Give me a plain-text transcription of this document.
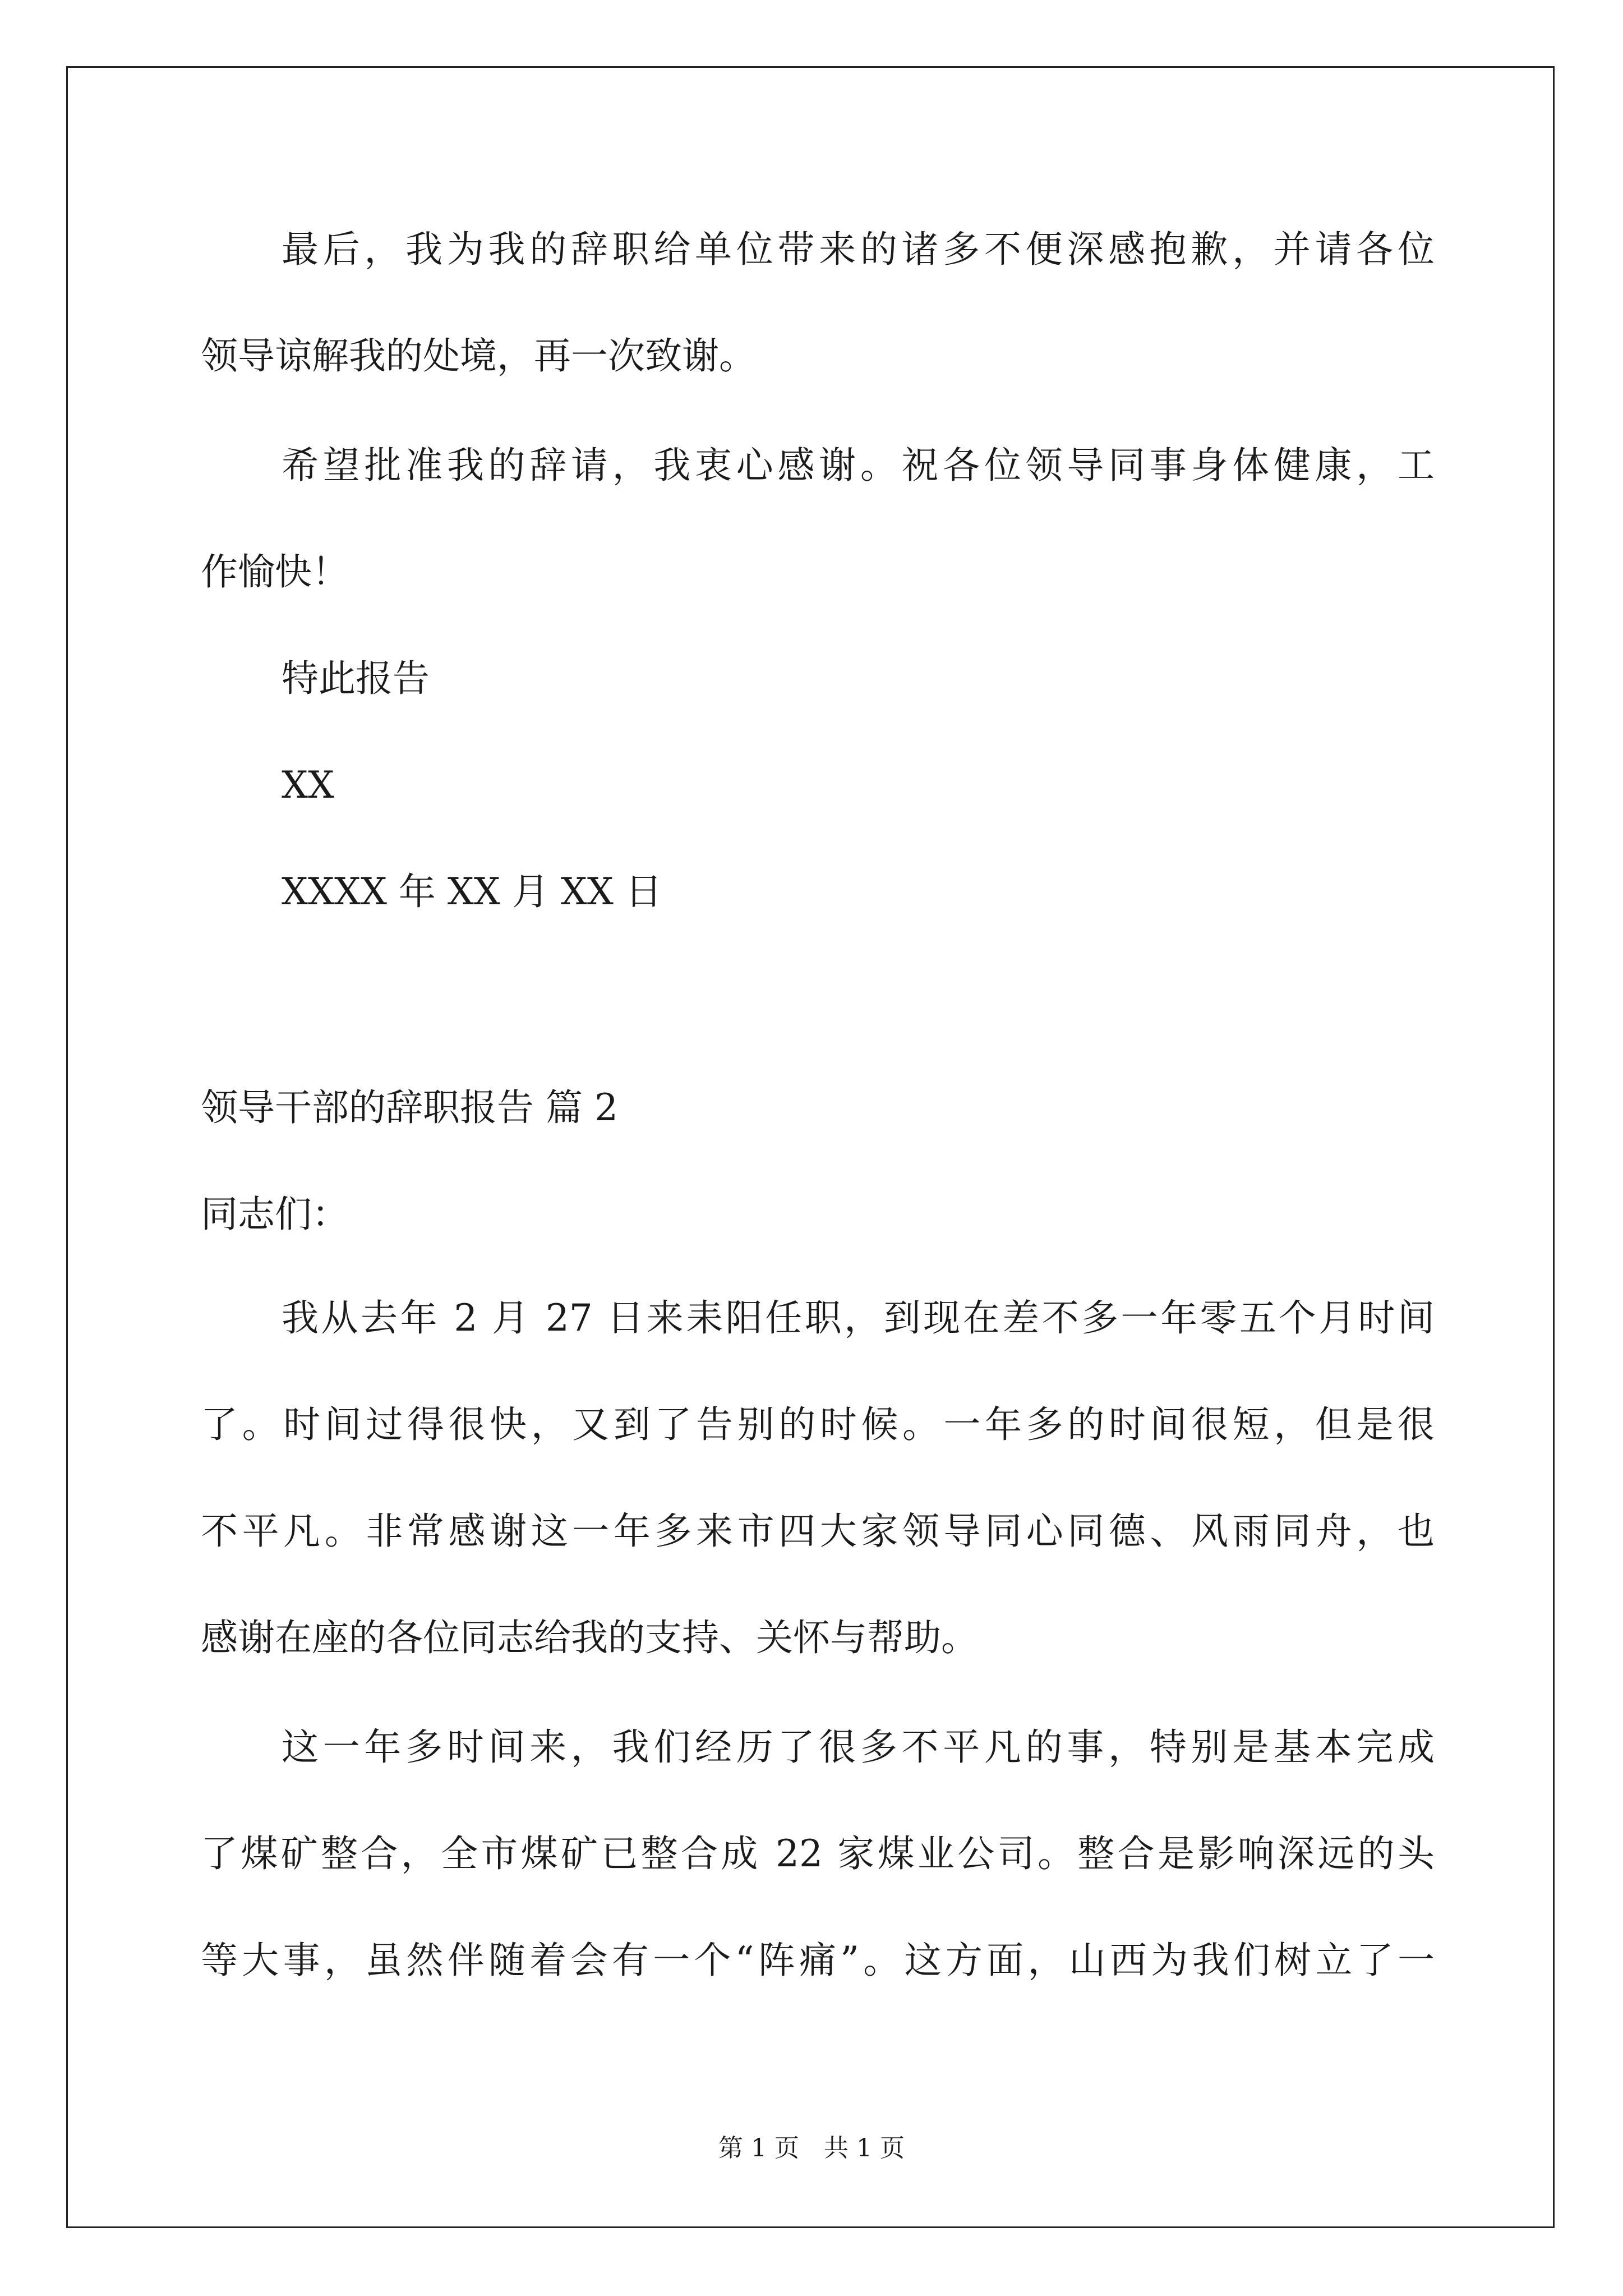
最后，我为我的辞职给单位带来的诸多不便深感抱歉，并请各位
领导谅解我的处境，再一次致谢。
希望批准我的辞请，我衷心感谢。祝各位领导同事身体健康，工
作愉快！
特此报告
XX
XXXX 年 XX 月 XX 日
领导干部的辞职报告 篇 2
同志们：
我从去年 2 月 27 日来耒阳任职，到现在差不多一年零五个月时间
了。时间过得很快，又到了告别的时候。一年多的时间很短，但是很
不平凡。非常感谢这一年多来市四大家领导同心同德、风雨同舟，也
感谢在座的各位同志给我的支持、关怀与帮助。
这一年多时间来，我们经历了很多不平凡的事，特别是基本完成
了煤矿整合，全市煤矿已整合成 22 家煤业公司。整合是影响深远的头
等大事，虽然伴随着会有一个“阵痛”。这方面，山西为我们树立了一
第 1 页　共 1 页
